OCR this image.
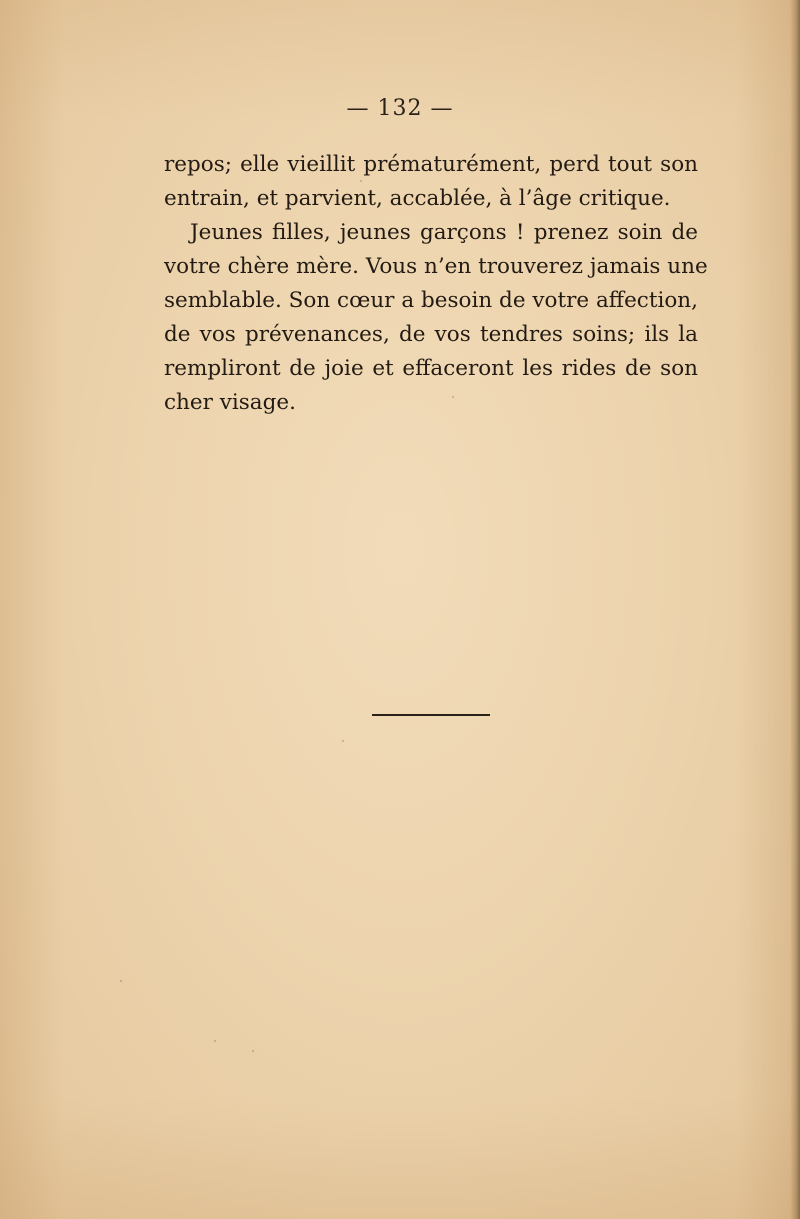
— 132 —

repos; elle vieillit prématurément, perd tout son
entrain, et parvient, accablée, à l’âge critique.

Jeunes filles, jeunes garçons ! prenez soin de
votre chère mère. Vous n’en trouverez jamais une
semblable. Son cœur a besoin de votre affection,
de vos prévenances, de vos tendres soins; ils la
rempliront de joie et effaceront les rides de son
cher visage.
